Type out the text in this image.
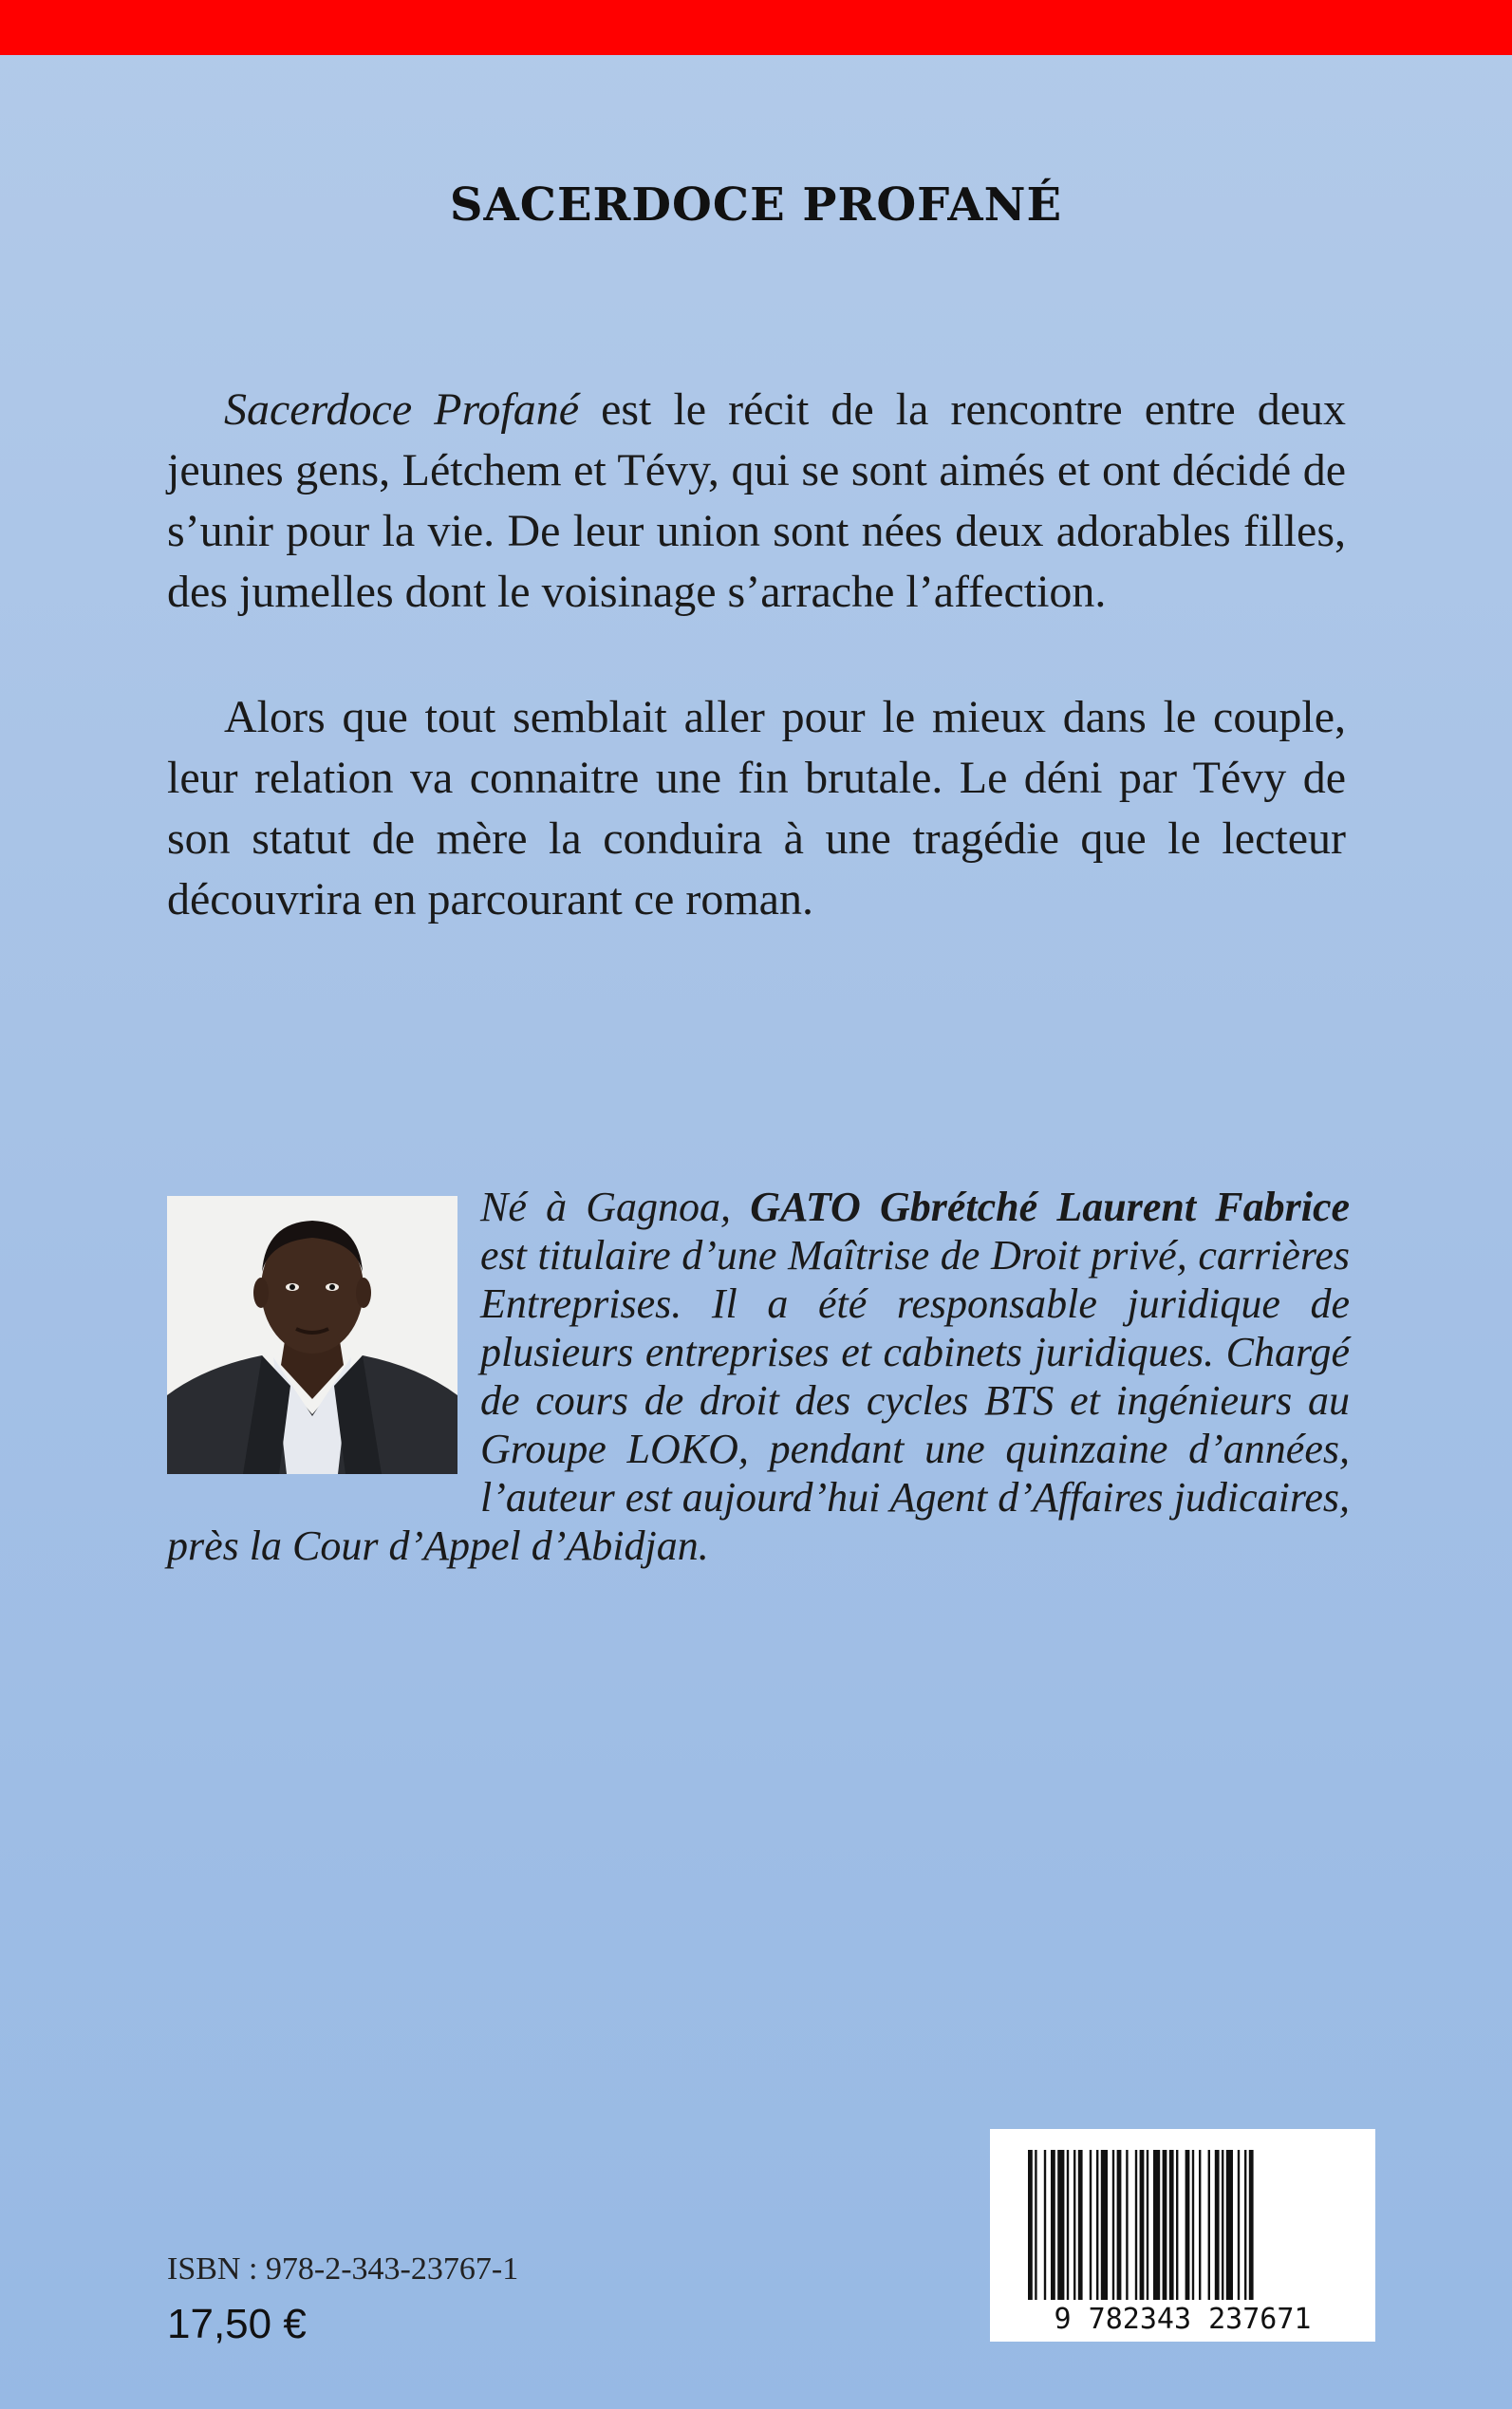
SACERDOCE PROFANÉ

Sacerdoce Profané est le récit de la rencontre entre deux jeunes gens, Létchem et Tévy, qui se sont aimés et ont décidé de s’unir pour la vie. De leur union sont nées deux adorables filles, des jumelles dont le voisinage s’arrache l’affection.

Alors que tout semblait aller pour le mieux dans le couple, leur relation va connaitre une fin brutale. Le déni par Tévy de son statut de mère la conduira à une tragédie que le lecteur découvrira en parcourant ce roman.

Né à Gagnoa, GATO Gbrétché Laurent Fabrice est titulaire d’une Maîtrise de Droit privé, carrières Entreprises. Il a été responsable juridique de plusieurs entreprises et cabinets juridiques. Chargé de cours de droit des cycles BTS et ingénieurs au Groupe LOKO, pendant une quinzaine d’années, l’auteur est aujourd’hui Agent d’Affaires judicaires, près la Cour d’Appel d’Abidjan.

ISBN : 978-2-343-23767-1
17,50 €	9 782343 237671
